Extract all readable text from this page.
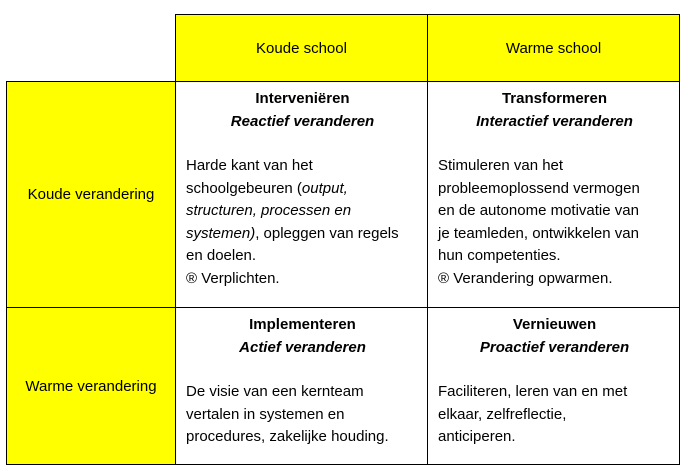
Koude school	Warme school
Koude verandering
Warme verandering
Interveniëren
Reactief veranderen
Harde kant van het
schoolgebeuren (output,
structuren, processen en
systemen), opleggen van regels
en doelen.
® Verplichten.
Transformeren
Interactief veranderen
Stimuleren van het
probleemoplossend vermogen
en de autonome motivatie van
je teamleden, ontwikkelen van
hun competenties.
® Verandering opwarmen.
Implementeren
Actief veranderen
De visie van een kernteam
vertalen in systemen en
procedures, zakelijke houding.
Vernieuwen
Proactief veranderen
Faciliteren, leren van en met
elkaar, zelfreflectie,
anticiperen.
